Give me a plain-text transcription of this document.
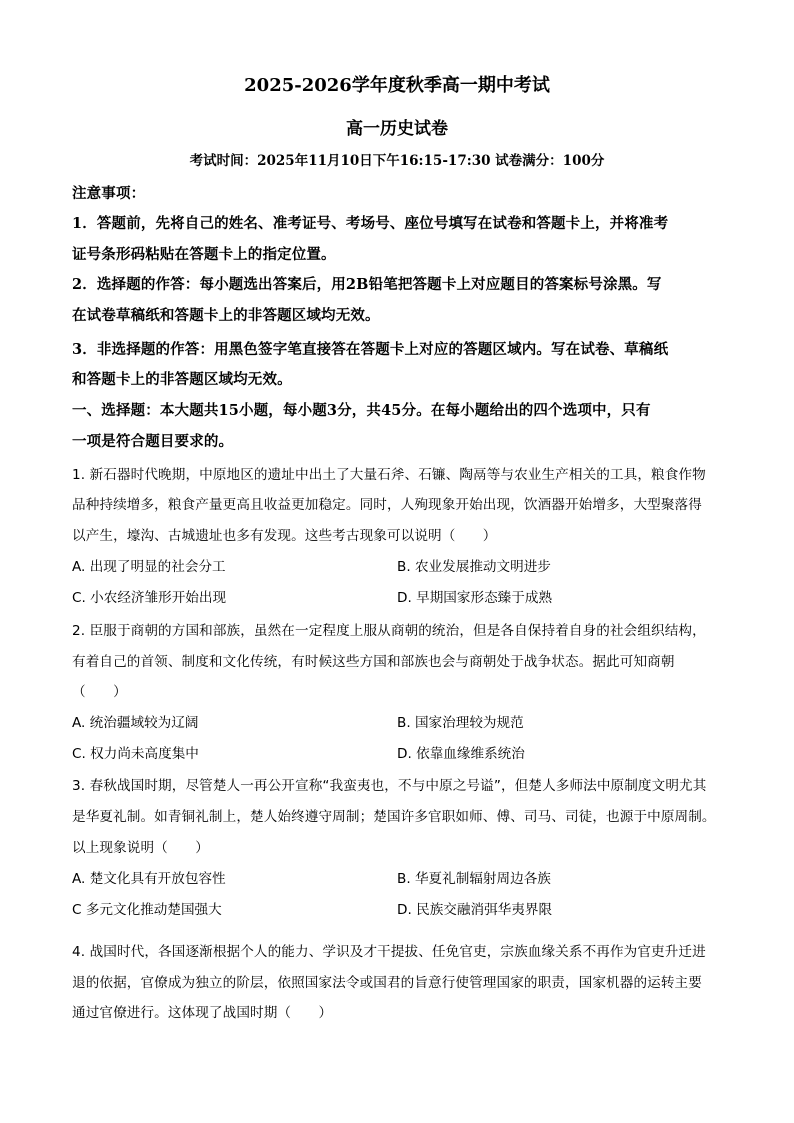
2025-2026学年度秋季高一期中考试

高一历史试卷

考试时间：2025年11月10日下午16:15-17:30 试卷满分：100分

注意事项：

1．答题前，先将自己的姓名、准考证号、考场号、座位号填写在试卷和答题卡上，并将准考

证号条形码粘贴在答题卡上的指定位置。

2．选择题的作答：每小题选出答案后，用2B铅笔把答题卡上对应题目的答案标号涂黑。写

在试卷草稿纸和答题卡上的非答题区域均无效。

3．非选择题的作答：用黑色签字笔直接答在答题卡上对应的答题区域内。写在试卷、草稿纸

和答题卡上的非答题区域均无效。

一、选择题：本大题共15小题，每小题3分，共45分。在每小题给出的四个选项中，只有

一项是符合题目要求的。

1. 新石器时代晚期，中原地区的遗址中出土了大量石斧、石镰、陶鬲等与农业生产相关的工具，粮食作物

品种持续增多，粮食产量更高且收益更加稳定。同时，人殉现象开始出现，饮酒器开始增多，大型聚落得

以产生，壕沟、古城遗址也多有发现。这些考古现象可以说明（　　）

A. 出现了明显的社会分工	B. 农业发展推动文明进步

C. 小农经济雏形开始出现	D. 早期国家形态臻于成熟

2. 臣服于商朝的方国和部族，虽然在一定程度上服从商朝的统治，但是各自保持着自身的社会组织结构，

有着自己的首领、制度和文化传统，有时候这些方国和部族也会与商朝处于战争状态。据此可知商朝

（　　）

A. 统治疆域较为辽阔	B. 国家治理较为规范

C. 权力尚未高度集中	D. 依靠血缘维系统治

3. 春秋战国时期，尽管楚人一再公开宣称“我蛮夷也，不与中原之号谥”，但楚人多师法中原制度文明尤其

是华夏礼制。如青铜礼制上，楚人始终遵守周制；楚国许多官职如师、傅、司马、司徒，也源于中原周制。

以上现象说明（　　）

A. 楚文化具有开放包容性	B. 华夏礼制辐射周边各族

C 多元文化推动楚国强大	D. 民族交融消弭华夷界限

4. 战国时代，各国逐渐根据个人的能力、学识及才干提拔、任免官吏，宗族血缘关系不再作为官吏升迁进

退的依据，官僚成为独立的阶层，依照国家法令或国君的旨意行使管理国家的职责，国家机器的运转主要

通过官僚进行。这体现了战国时期（　　）
